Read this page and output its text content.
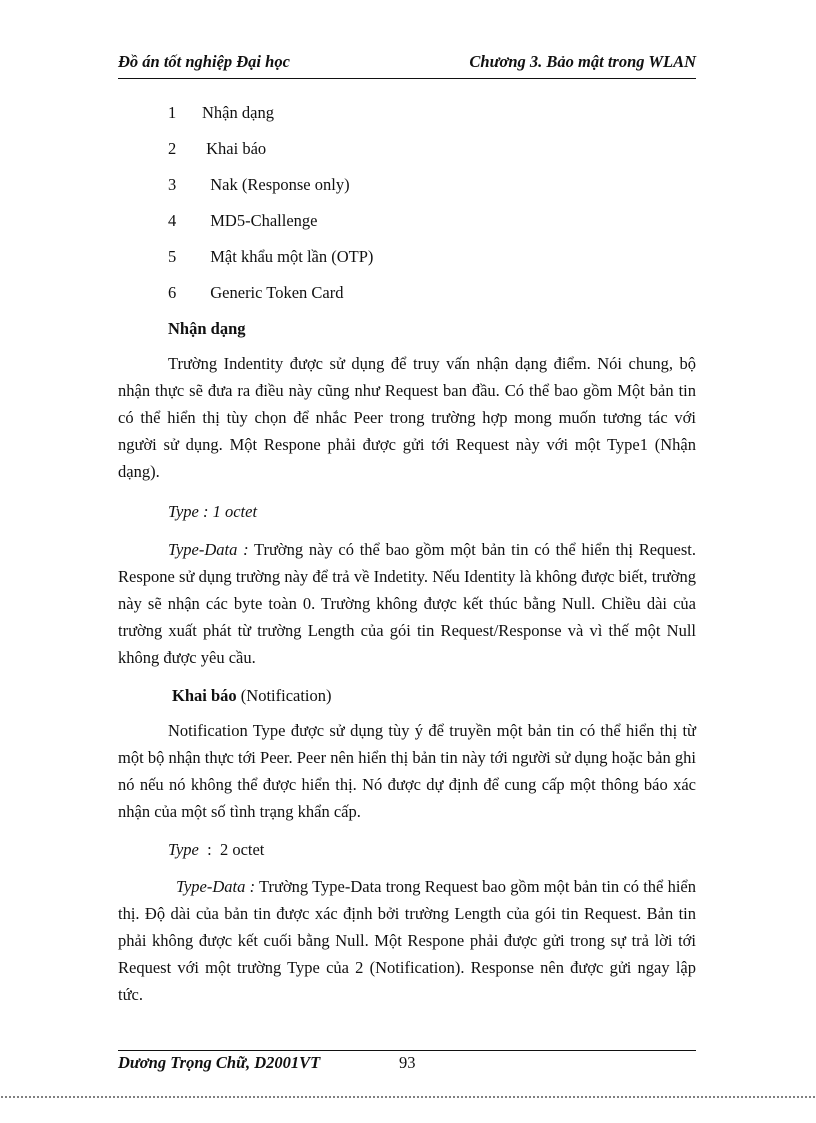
Đồ án tốt nghiệp Đại học	Chương 3. Bảo mật trong WLAN
1 Nhận dạng
2 Khai báo
3  Nak (Response only)
4  MD5-Challenge
5  Mật khẩu một lần (OTP)
6  Generic Token Card
Nhận dạng
Trường Indentity được sử dụng để truy vấn nhận dạng điểm. Nói chung, bộ nhận thực sẽ đưa ra điều này cũng như Request ban đầu. Có thể bao gồm Một bản tin có thể hiển thị tùy chọn để nhắc Peer trong trường hợp mong muốn tương tác với người sử dụng. Một Respone phải được gửi tới Request này với một Type1 (Nhận dạng).
Type : 1 octet
Type-Data : Trường này có thể bao gồm một bản tin có thể hiển thị Request. Respone sử dụng trường này để trả về Indetity. Nếu Identity là không được biết, trường này sẽ nhận các byte toàn 0. Trường không được kết thúc bằng Null. Chiều dài của trường xuất phát từ trường Length của gói tin Request/Response và vì thế một Null không được yêu cầu.
Khai báo (Notification)
Notification Type được sử dụng tùy ý để truyền một bản tin có thể hiển thị từ một bộ nhận thực tới Peer. Peer nên hiển thị bản tin này tới người sử dụng hoặc bản ghi nó nếu nó không thể được hiển thị. Nó được dự định để cung cấp một thông báo xác nhận của một số tình trạng khẩn cấp.
Type  :  2 octet
Type-Data : Trường Type-Data trong Request bao gồm một bản tin có thể hiển thị. Độ dài của bản tin được xác định bởi trường Length của gói tin Request. Bản tin phải không được kết cuối bằng Null. Một Respone phải được gửi trong sự trả lời tới Request với một trường Type của 2 (Notification). Response nên được gửi ngay lập tức.
Dương Trọng Chữ, D2001VT	93
